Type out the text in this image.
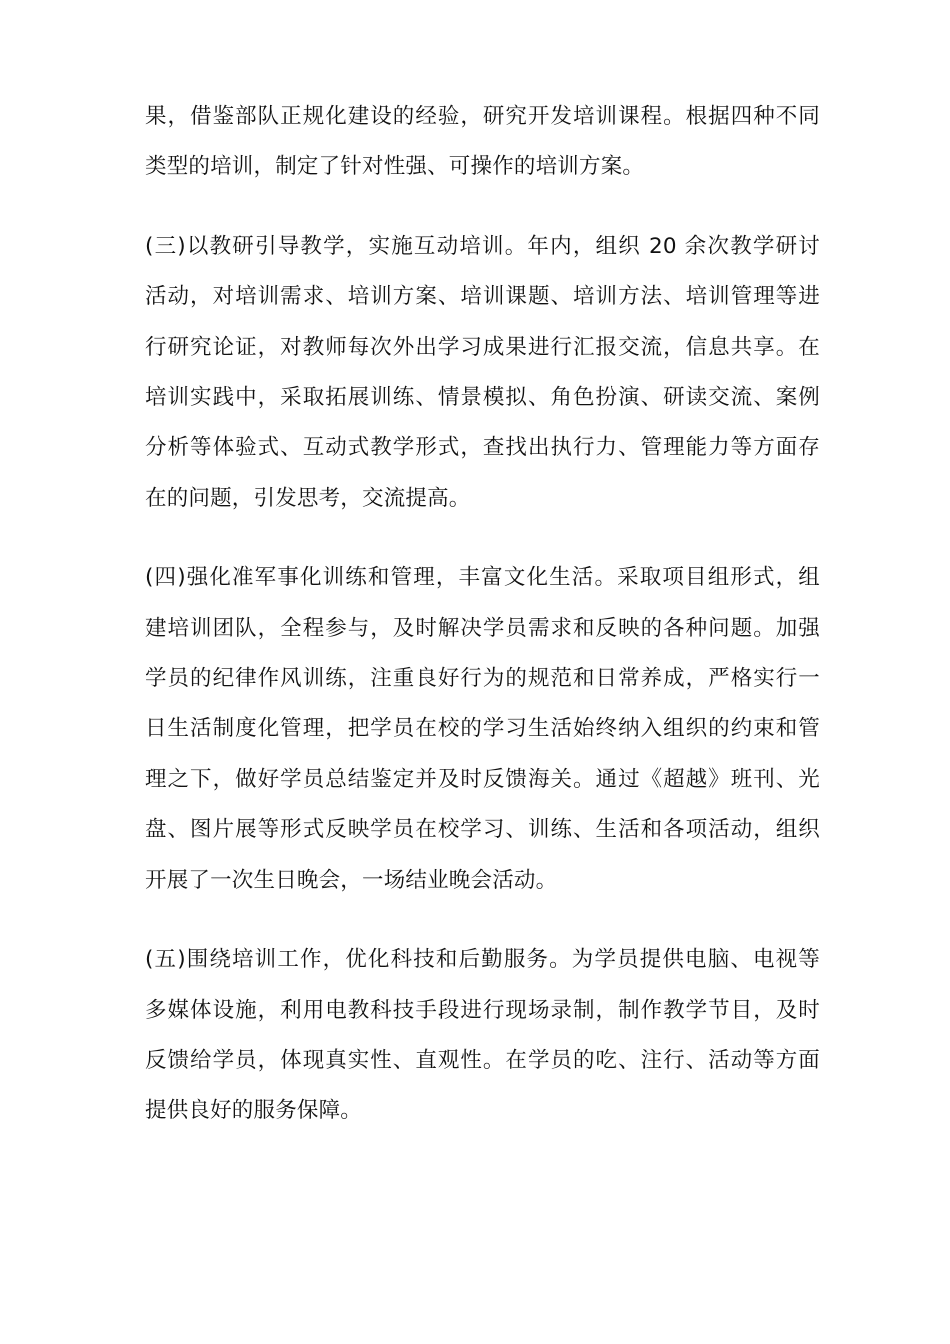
果，借鉴部队正规化建设的经验，研究开发培训课程。根据四种不同
类型的培训，制定了针对性强、可操作的培训方案。

(三)以教研引导教学，实施互动培训。年内，组织 20 余次教学研讨
活动，对培训需求、培训方案、培训课题、培训方法、培训管理等进
行研究论证，对教师每次外出学习成果进行汇报交流，信息共享。在
培训实践中，采取拓展训练、情景模拟、角色扮演、研读交流、案例
分析等体验式、互动式教学形式，查找出执行力、管理能力等方面存
在的问题，引发思考，交流提高。

(四)强化准军事化训练和管理，丰富文化生活。采取项目组形式，组
建培训团队，全程参与，及时解决学员需求和反映的各种问题。加强
学员的纪律作风训练，注重良好行为的规范和日常养成，严格实行一
日生活制度化管理，把学员在校的学习生活始终纳入组织的约束和管
理之下，做好学员总结鉴定并及时反馈海关。通过《超越》班刊、光
盘、图片展等形式反映学员在校学习、训练、生活和各项活动，组织
开展了一次生日晚会，一场结业晚会活动。

(五)围绕培训工作，优化科技和后勤服务。为学员提供电脑、电视等
多媒体设施，利用电教科技手段进行现场录制，制作教学节目，及时
反馈给学员，体现真实性、直观性。在学员的吃、注行、活动等方面
提供良好的服务保障。
